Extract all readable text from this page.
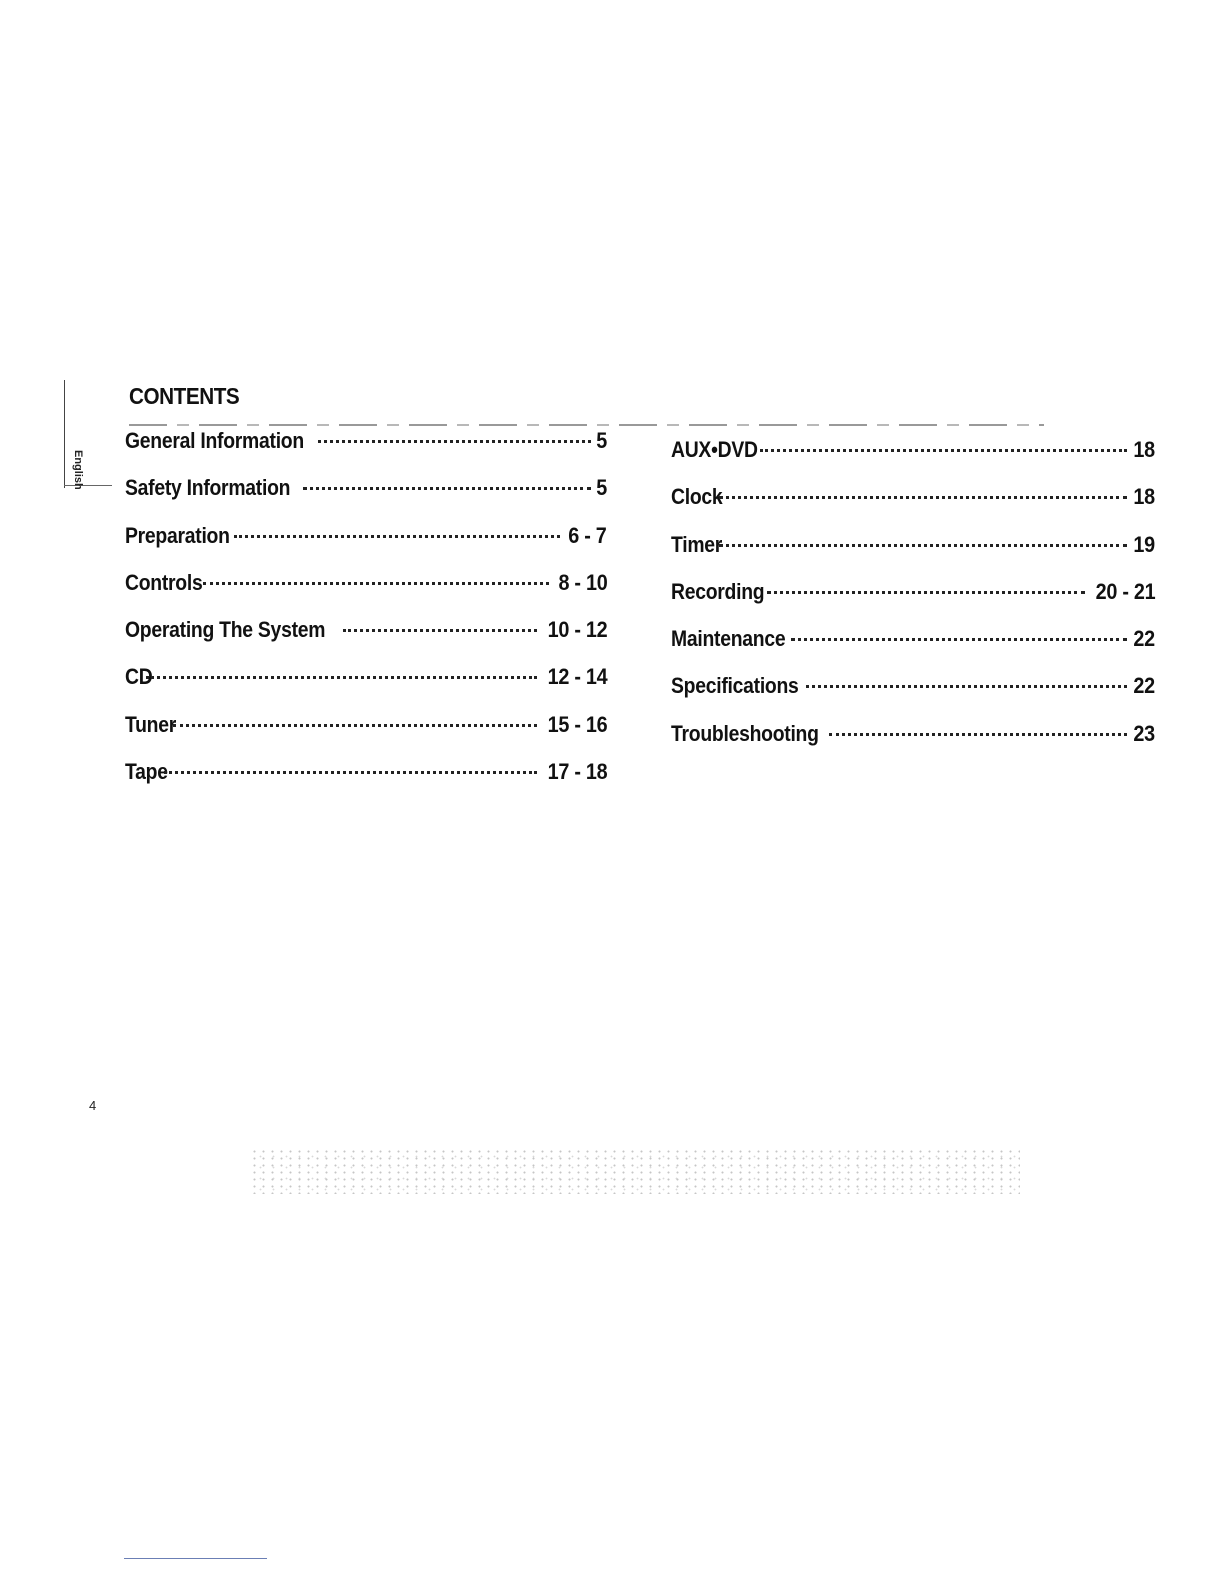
English
CONTENTS
General Information	5
Safety Information	5
Preparation	6 - 7
Controls	8 - 10
Operating The System	10 - 12
CD	12 - 14
Tuner	15 - 16
Tape	17 - 18
AUX•DVD	18
Clock	18
Timer	19
Recording	20 - 21
Maintenance	22
Specifications	22
Troubleshooting	23
4
